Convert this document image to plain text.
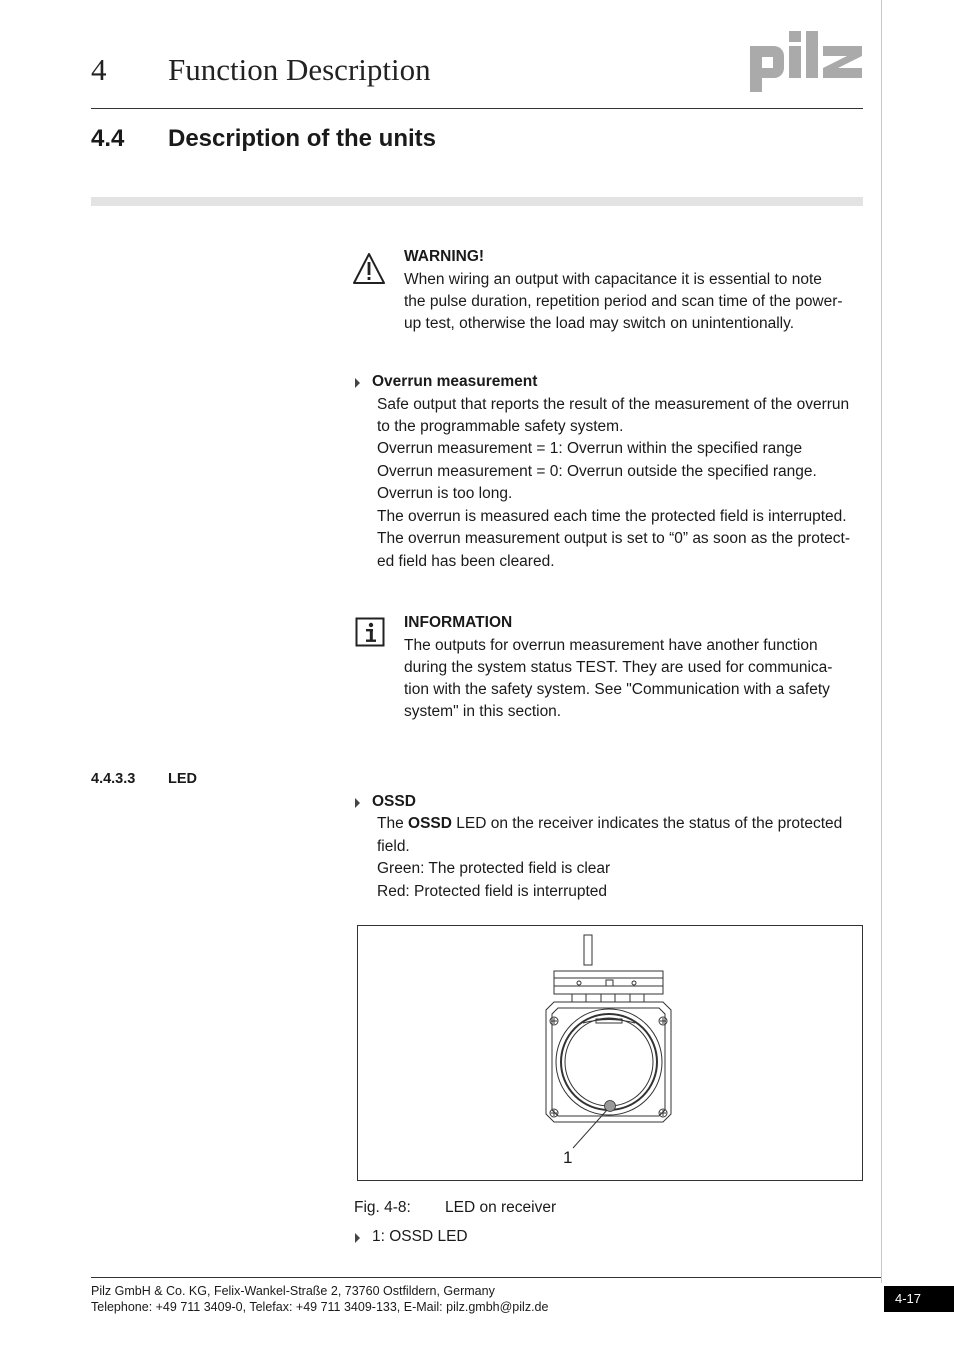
4 Function Description
4.4 Description of the units
WARNING!
When wiring an output with capacitance it is essential to note
the pulse duration, repetition period and scan time of the power-
up test, otherwise the load may switch on unintentionally.
Overrun measurement
Safe output that reports the result of the measurement of the overrun
to the programmable safety system.
Overrun measurement = 1: Overrun within the specified range
Overrun measurement = 0: Overrun outside the specified range.
Overrun is too long.
The overrun is measured each time the protected field is interrupted.
The overrun measurement output is set to “0” as soon as the protect-
ed field has been cleared.
INFORMATION
The outputs for overrun measurement have another function
during the system status TEST. They are used for communica-
tion with the safety system. See "Communication with a safety
system" in this section.
4.4.3.3 LED
OSSD
The OSSD LED on the receiver indicates the status of the protected
field.
Green: The protected field is clear
Red: Protected field is interrupted
1
Fig. 4-8: LED on receiver
1: OSSD LED
Pilz GmbH & Co. KG, Felix-Wankel-Straße 2, 73760 Ostfildern, Germany
Telephone: +49 711 3409-0, Telefax: +49 711 3409-133, E-Mail: pilz.gmbh@pilz.de
4-17
